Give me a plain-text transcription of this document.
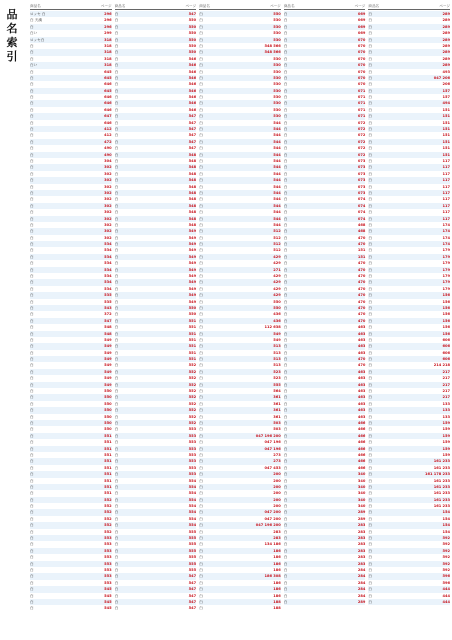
品
名
索
引
商品名	ページ
ロッセ 白	296
白 天満	296
白	296
白い	299
ロッセ白	318
白	318
白	318
白	318
白い	318
白	645
白	645
白	646
白	645
白	646
白	646
白	646
白	647
白	646
白	412
白	412
白	472
白	490
白	490
白	304
白	302
白	302
白	302
白	302
白	302
白	302
白	302
白	302
白	302
白	302
白	302
白	302
白	534
白	534
白	534
白	534
白	534
白	534
白	534
白	534
白	535
白	535
白	543
白	372
白	547
白	548
白	548
白	549
白	549
白	549
白	549
白	549
白	549
白	549
白	549
白	550
白	550
白	550
白	550
白	550
白	550
白	550
白	551
白	551
白	551
白	551
白	551
白	551
白	551
白	551
白	551
白	551
白	552
白	552
白	552
白	552
白	552
白	552
白	553
白	553
白	553
白	553
白	553
白	553
白	553
白	553
白	545
白	545
白	545
白	545
商品名	ページ
白	547
白	550
白	550
白	550
白	550
白	550
白	550
白	546
白	546
白	546
白	546
白	546
白	546
白	546
白	546
白	546
白	547
白	547
白	547
白	547
白	547
白	547
白	548
白	548
白	548
白	548
白	548
白	548
白	548
白	548
白	548
白	548
白	548
白	548
白	549
白	549
白	549
白	549
白	549
白	549
白	549
白	549
白	549
白	549
白	549
白	549
白	550
白	550
白	551
白	551
白	551
白	551
白	551
白	551
白	551
白	552
白	552
白	552
白	552
白	552
白	552
白	552
白	552
白	552
白	552
白	553
白	553
白	553
白	553
白	553
白	553
白	553
白	553
白	554
白	554
白	554
白	554
白	554
白	554
白	554
白	554
白	555
白	555
白	555
白	555
白	555
白	555
白	555
白	547
白	547
白	547
白	547
白	547
白	547
商品名	ページ
白	550
白	530
白	530
白	530
白	530
白	548 566
白	548 566
白	530
白	530
白	530
白	530
白	530
白	530
白	530
白	530
白	530
白	530
白	544
白	544
白	544
白	544
白	544
白	544
白	544
白	544
白	544
白	544
白	544
白	544
白	544
白	544
白	544
白	544
白	544
白	512
白	512
白	512
白	512
白	429
白	429
白	271
白	429
白	429
白	429
白	429
白	550
白	550
白	436
白	436
白	112 638
白	549
白	549
白	513
白	513
白	513
白	513
白	523
白	523
白	555
白	564
白	361
白	361
白	361
白	361
白	503
白	503
白	047 196 200
白	047 196
白	047 196
白	273
白	273
白	047 453
白	200
白	200
白	200
白	200
白	200
白	200
白	047 200
白	047 200
白	047 196 200
白	283
白	283
白	134 186
白	186
白	186
白	186
白	186
白	186 308
白	186
白	186
白	186
白	188
白	188
商品名	ページ
白	069
白	069
白	069
白	069
白	070
白	070
白	070
白	070
白	070
白	070
白	070
白	070
白	071
白	071
白	071
白	071
白	071
白	072
白	072
白	072
白	072
白	072
白	072
白	073
白	073
白	073
白	073
白	073
白	073
白	074
白	074
白	074
白	074
白	468
白	468
白	470
白	470
白	151
白	151
白	470
白	470
白	470
白	470
白	470
白	470
白	470
白	470
白	470
白	470
白	463
白	463
白	463
白	463
白	463
白	470
白	470
白	463
白	463
白	463
白	463
白	463
白	463
白	463
白	463
白	466
白	466
白	466
白	466
白	466
白	466
白	466
白	466
白	340
白	340
白	340
白	340
白	340
白	340
白	289
白	289
白	283
白	283
白	283
白	283
白	283
白	283
白	283
白	284
白	284
白	284
白	284
白	284
白	289
商品名	ページ
白	289
白	289
白	289
白	289
白	289
白	289
白	289
白	289
白	289
白	493
白	047 206
白	206
白	157
白	157
白	494
白	151
白	151
白	151
白	151
白	151
白	151
白	151
白	151
白	117
白	117
白	117
白	117
白	117
白	117
白	117
白	117
白	117
白	117
白	174
白	174
白	174
白	174
白	179
白	179
白	179
白	179
白	179
白	179
白	179
白	156
白	156
白	156
白	156
白	156
白	156
白	156
白	606
白	606
白	606
白	606
白	214 218
白	217
白	217
白	217
白	217
白	217
白	133
白	133
白	133
白	159
白	159
白	159
白	159
白	159
白	159
白	161 233
白	161 233
白	161 178 233
白	161 233
白	161 233
白	161 233
白	161 233
白	161 233
白	154
白	154
白	154
白	154
白	592
白	592
白	592
白	592
白	592
白	592
白	596
白	596
白	444
白	444
白	444
